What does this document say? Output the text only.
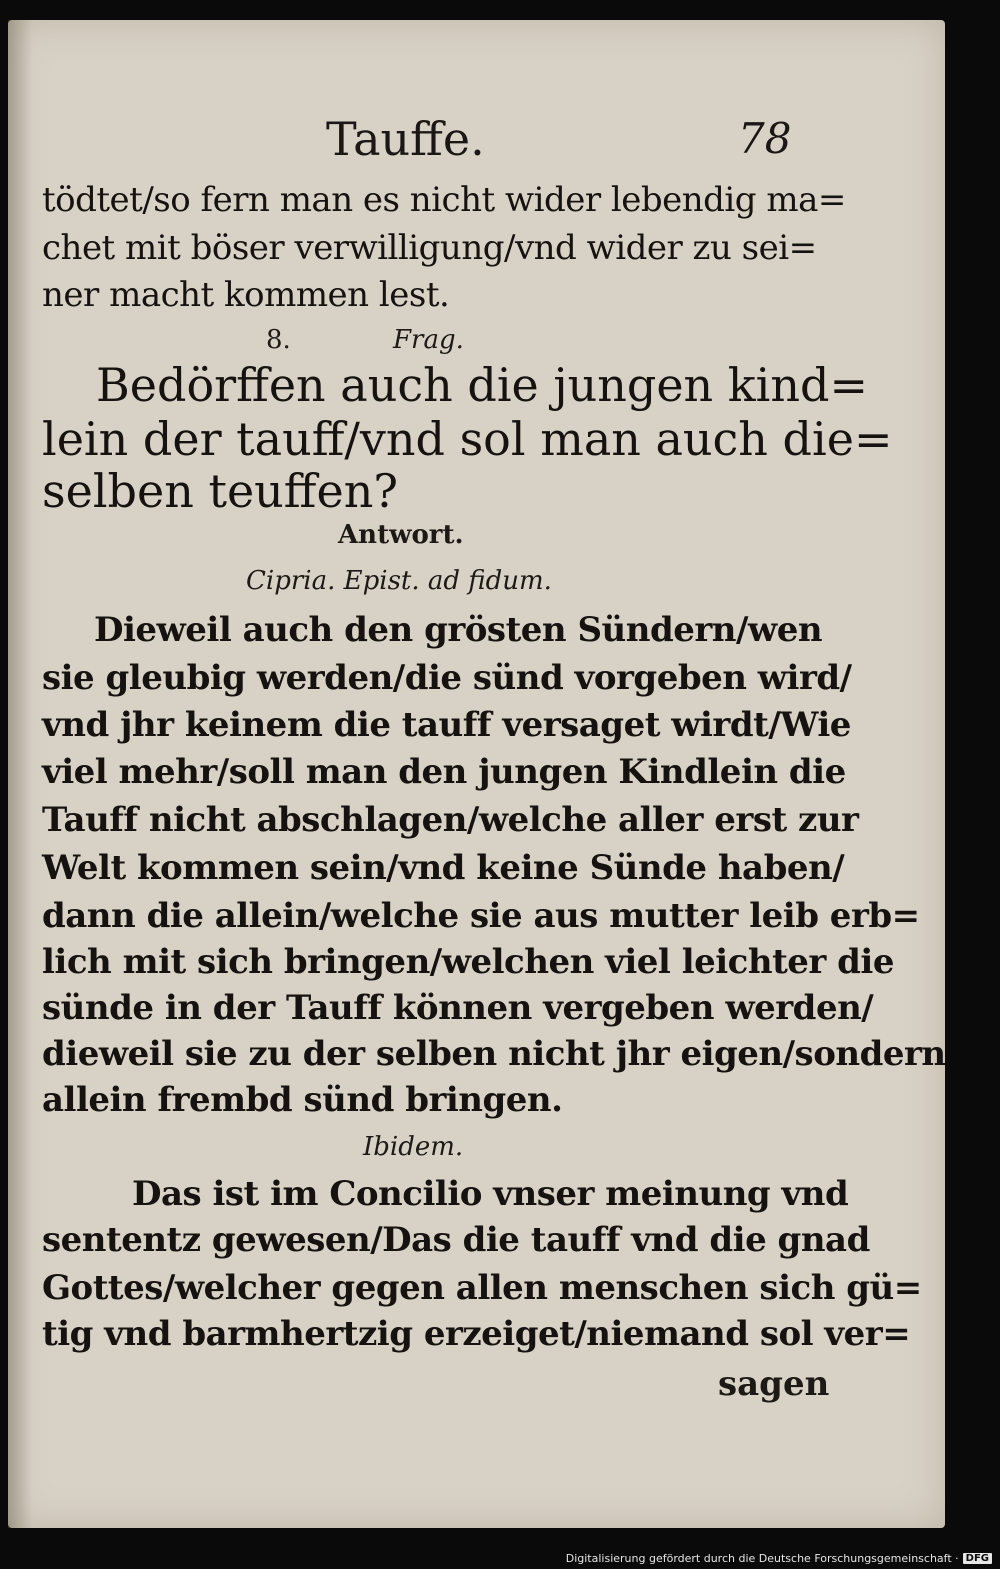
Tauffe.	78
tödtet/so fern man es nicht wider lebendig ma=
chet mit böser verwilligung/vnd wider zu sei=
ner macht kommen lest.
8.	Frag.
Bedörffen auch die jungen kind=
lein der tauff/vnd sol man auch die=
selben teuffen?
Antwort.
Cipria. Epist. ad fidum.
Dieweil auch den grösten Sündern/wen
sie gleubig werden/die sünd vorgeben wird/
vnd jhr keinem die tauff versaget wirdt/Wie
viel mehr/soll man den jungen Kindlein die
Tauff nicht abschlagen/welche aller erst zur
Welt kommen sein/vnd keine Sünde haben/
dann die allein/welche sie aus mutter leib erb=
lich mit sich bringen/welchen viel leichter die
sünde in der Tauff können vergeben werden/
dieweil sie zu der selben nicht jhr eigen/sondern
allein frembd sünd bringen.
Ibidem.
Das ist im Concilio vnser meinung vnd
sententz gewesen/Das die tauff vnd die gnad
Gottes/welcher gegen allen menschen sich gü=
tig vnd barmhertzig erzeiget/niemand sol ver=
sagen
Digitalisierung gefördert durch die Deutsche Forschungsgemeinschaft · DFG
